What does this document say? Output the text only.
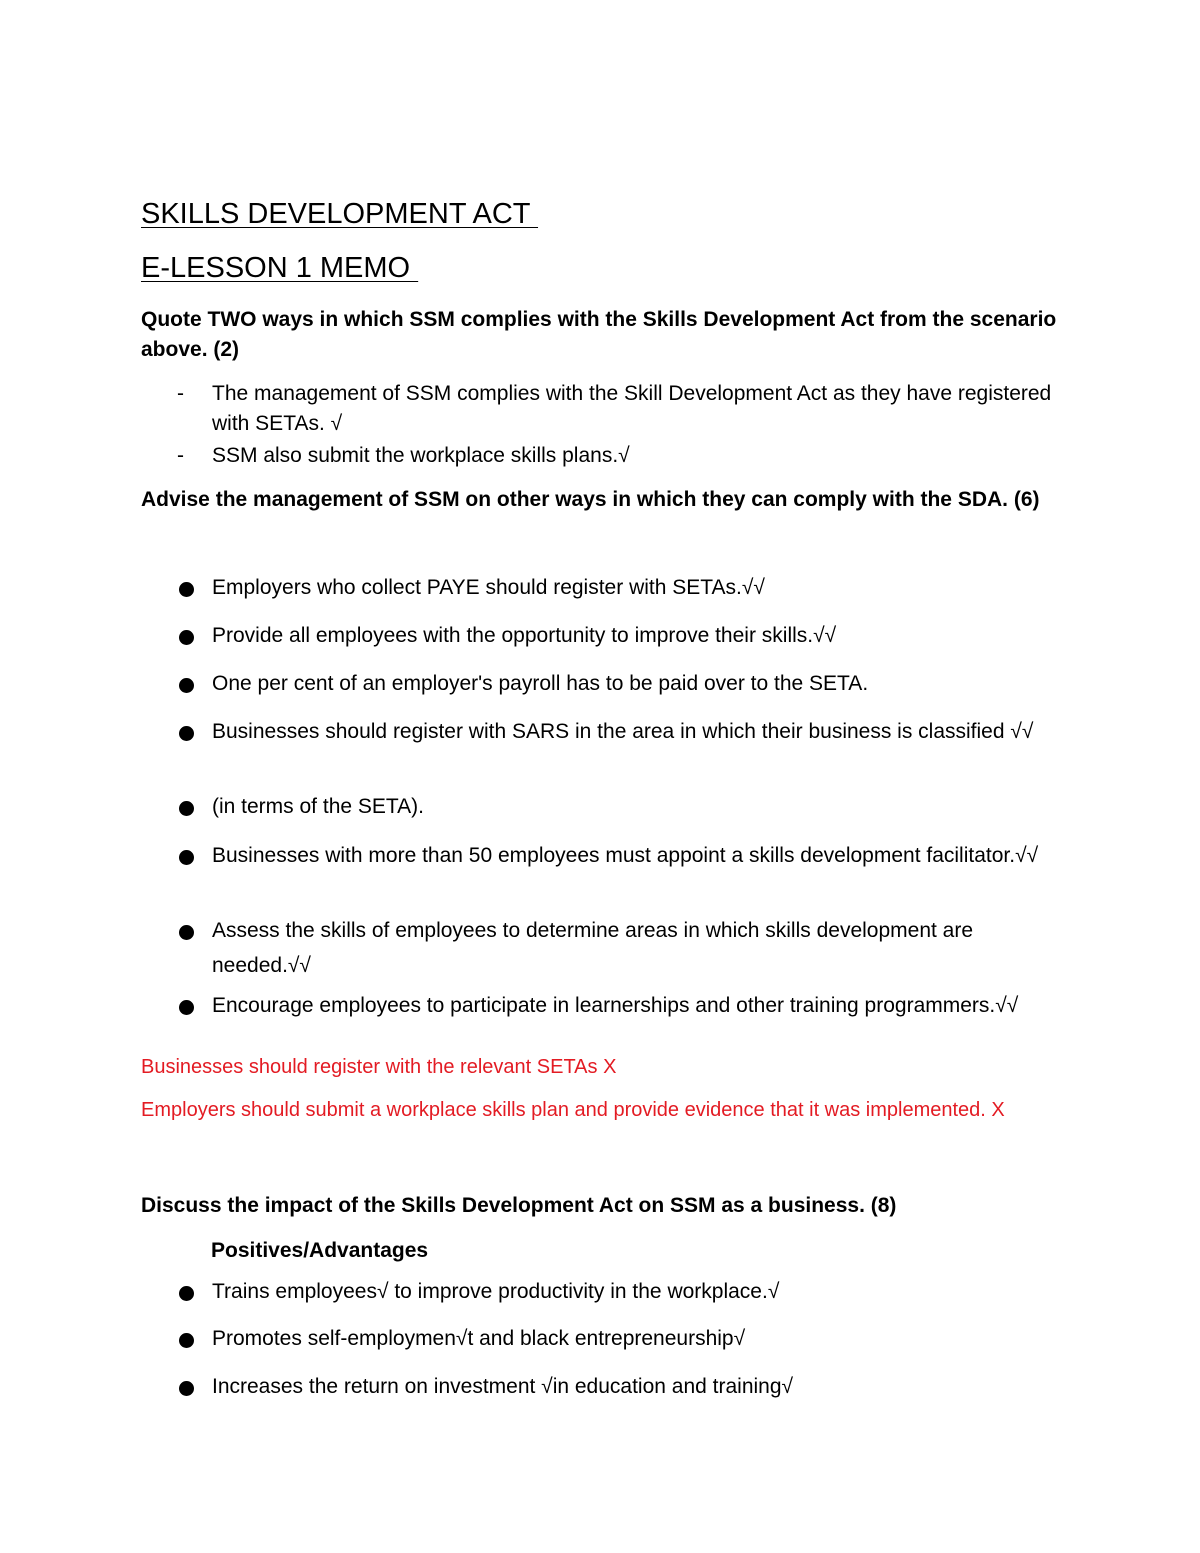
SKILLS DEVELOPMENT ACT
E-LESSON 1 MEMO

Quote TWO ways in which SSM complies with the Skills Development Act from the scenario above. (2)

- The management of SSM complies with the Skill Development Act as they have registered with SETAs. √
- SSM also submit the workplace skills plans.√

Advise the management of SSM on other ways in which they can comply with the SDA. (6)

Employers who collect PAYE should register with SETAs.√√
Provide all employees with the opportunity to improve their skills.√√
One per cent of an employer's payroll has to be paid over to the SETA.
Businesses should register with SARS in the area in which their business is classified √√
(in terms of the SETA).
Businesses with more than 50 employees must appoint a skills development facilitator.√√
Assess the skills of employees to determine areas in which skills development are needed.√√
Encourage employees to participate in learnerships and other training programmers.√√

Businesses should register with the relevant SETAs X

Employers should submit a workplace skills plan and provide evidence that it was implemented. X

Discuss the impact of the Skills Development Act on SSM as a business. (8)

Positives/Advantages

Trains employees√ to improve productivity in the workplace.√
Promotes self-employmen√t and black entrepreneurship√
Increases the return on investment √in education and training√
